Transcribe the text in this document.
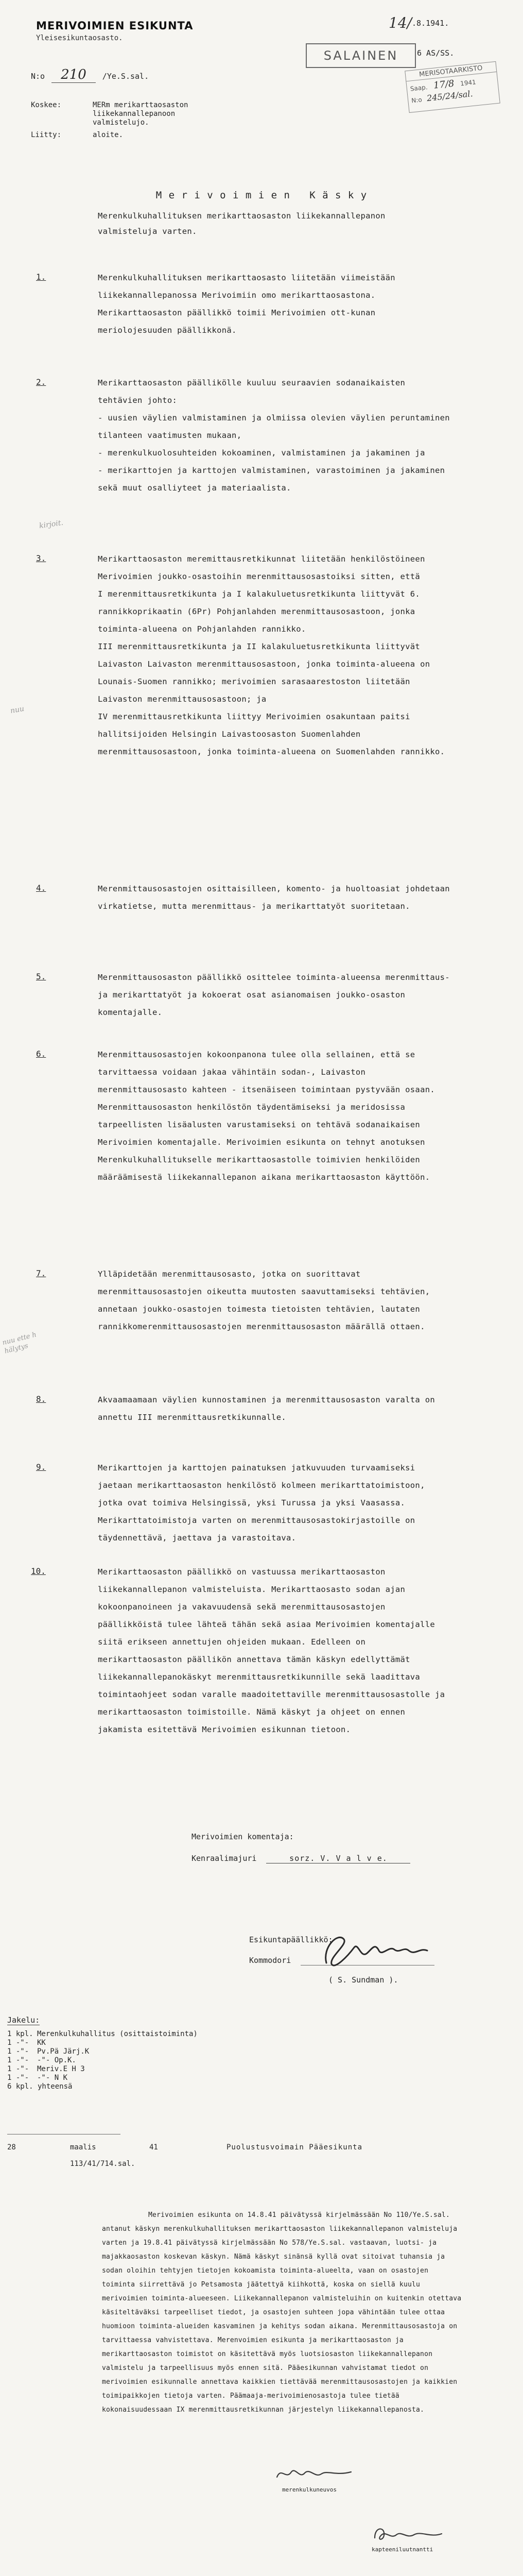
MERIVOIMIEN ESIKUNTA
Yleisesikuntaosasto.
14/ .8.1941.
N:o 210 /Ye.S.sal.
SALAINEN	6 AS/SS.
MERISOTAARKISTO
Saap. 17/8 1941
N:o 245/24/sal.
Koskee:	MERm merikarttaosaston liikekannallepanoon valmistelujo.
Liitty:	aloite.
M e r i v o i m i e n   K ä s k y
Merenkulkuhallituksen merikarttaosaston liikekannallepanon valmisteluja varten.
1.	Merenkulkuhallituksen merikarttaosasto liitetään viimeistään liikekannallepanossa Merivoimiin omo merikarttaosastona. Merikarttaosaston päällikkö toimii Merivoimien ott-kunan meriolojesuuden päällikkonä.
2.	Merikarttaosaston päällikölle kuuluu seuraavien sodanaikaisten tehtävien johto:
- uusien väylien valmistaminen ja olmiissa olevien väylien peruntaminen tilanteen vaatimusten mukaan,
- merenkulkuolosuhteiden kokoaminen, valmistaminen ja jakaminen ja
- merikarttojen ja karttojen valmistaminen, varastoiminen ja jakaminen sekä muut osalliyteet ja materiaalista.
3.	Merikarttaosaston meremittausretkikunnat liitetään henkilöstöineen Merivoimien joukko-osastoihin merenmittausosastoiksi sitten, että
I merenmittausretkikunta ja I kalakuluetusretkikunta liittyvät 6. rannikkoprikaatin (6Pr) Pohjanlahden merenmittausosastoon, jonka toiminta-alueena on Pohjanlahden rannikko.
III merenmittausretkikunta ja II kalakuluetusretkikunta liittyvät Laivaston Laivaston merenmittausosastoon, jonka toiminta-alueena on Lounais-Suomen rannikko; merivoimien sarasaarestoston liitetään Laivaston merenmittausosastoon; ja
IV merenmittausretkikunta liittyy Merivoimien osakuntaan paitsi hallitsijoiden Helsingin Laivastoosaston Suomenlahden merenmittausosastoon, jonka toiminta-alueena on Suomenlahden rannikko.
4.	Merenmittausosastojen osittaisilleen, komento- ja huoltoasiat johdetaan virkatietse, mutta merenmittaus- ja merikarttatyöt suoritetaan.
5.	Merenmittausosaston päällikkö osittelee toiminta-alueensa merenmittaus- ja merikarttatyöt ja kokoerat osat asianomaisen joukko-osaston komentajalle.
6.	Merenmittausosastojen kokoonpanona tulee olla sellainen, että se tarvittaessa voidaan jakaa vähintäin sodan-, Laivaston merenmittausosasto kahteen - itsenäiseen toimintaan pystyvään osaan.
Merenmittausosaston henkilöstön täydentämiseksi ja meridosissa tarpeellisten lisäalusten varustamiseksi on tehtävä sodanaikaisen Merivoimien komentajalle. Merivoimien esikunta on tehnyt anotuksen Merenkulkuhallitukselle merikarttaosastolle toimivien henkilöiden määräämisestä liikekannallepanon aikana merikarttaosaston käyttöön.
7.	Ylläpidetään merenmittausosasto, jotka on suorittavat merenmittausosastojen oikeutta muutosten saavuttamiseksi tehtävien, annetaan joukko-osastojen toimesta tietoisten tehtävien, lautaten rannikkomerenmittausosastojen merenmittausosaston määrällä ottaen.
8.	Akvaamaamaan väylien kunnostaminen ja merenmittausosaston varalta on annettu III merenmittausretkikunnalle.
9.	Merikarttojen ja karttojen painatuksen jatkuvuuden turvaamiseksi jaetaan merikarttaosaston henkilöstö kolmeen merikarttatoimistoon, jotka ovat toimiva Helsingissä, yksi Turussa ja yksi Vaasassa. Merikarttatoimistoja varten on merenmittausosastokirjastoille on täydennettävä, jaettava ja varastoitava.
10.	Merikarttaosaston päällikkö on vastuussa merikarttaosaston liikekannallepanon valmisteluista. Merikarttaosasto sodan ajan kokoonpanoineen ja vakavuudensä sekä merenmittausosastojen päällikköistä tulee lähteä tähän sekä asiaa Merivoimien komentajalle siitä erikseen annettujen ohjeiden mukaan. Edelleen on merikarttaosaston päällikön annettava tämän käskyn edellyttämät liikekannallepanokäskyt merenmittausretkikunnille sekä laadittava toimintaohjeet sodan varalle maadoitettaville merenmittausosastolle ja merikarttaosaston toimistoille. Nämä käskyt ja ohjeet on ennen jakamista esitettävä Merivoimien esikunnan tietoon.
kirjoit.
nuu
nuu ette h
hälytys
Merivoimien komentaja:
Kenraalimajuri	sorz. V. V a l v e.
Esikuntapäällikkö:
Kommodori
( S. Sundman ).
Jakelu:
1 kpl. Merenkulkuhallitus (osittaistoiminta)
1 -"- KK
1 -"- Pv.Pä Järj.K
1 -"- -"- Op.K.
1 -"- Meriv.E H 3
1 -"- -"- N K
6 kpl. yhteensä
28	maalis	41	Puolustusvoimain Pääesikunta
113/41/714.sal.
Merivoimien esikunta on 14.8.41 päivätyssä kirjelmässään No 110/Ye.S.sal. antanut käskyn merenkulkuhallituksen merikarttaosaston liikekannallepanon valmisteluja varten ja 19.8.41 päivätyssä kirjelmässään No 578/Ye.S.sal. vastaavan, luotsi- ja majakkaosaston koskevan käskyn. Nämä käskyt sinänsä kyllä ovat sitoivat tuhansia ja sodan oloihin tehtyjen tietojen kokoamista toiminta-alueelta, vaan on osastojen toiminta siirrettävä jo Petsamosta jäätettyä kiihkottä, koska on siellä kuulu merivoimien toiminta-alueeseen. Liikekannallepanon valmisteluihin on kuitenkin otettava käsiteltäväksi tarpeelliset tiedot, ja osastojen suhteen jopa vähintään tulee ottaa huomioon toiminta-alueiden kasvaminen ja kehitys sodan aikana. Merenmittausosastoja on tarvittaessa vahvistettava. Merenvoimien esikunta ja merikarttaosaston ja merikarttaosaston toimistot on käsitettävä myös luotsiosaston liikekannallepanon valmistelu ja tarpeellisuus myös ennen sitä. Pääesikunnan vahvistamat tiedot on merivoimien esikunnalle annettava kaikkien tiettävää merenmittausosastojen ja kaikkien toimipaikkojen tietoja varten. Päämaaja-merivoimienosastoja tulee tietää kokonaisuudessaan IX merenmittausretkikunnan järjestelyn liikekannallepanosta.
merenkulkuneuvos
kapteeniluutnantti
